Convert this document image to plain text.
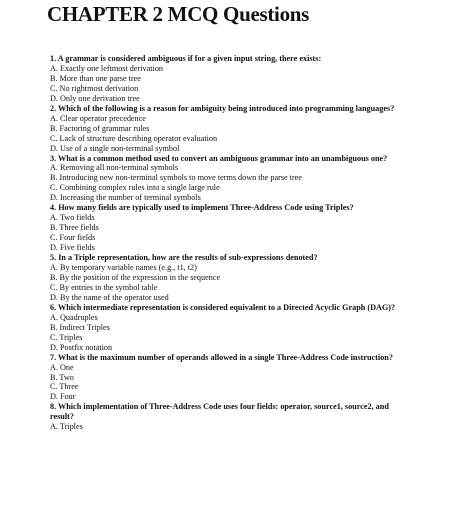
CHAPTER 2 MCQ Questions
1. A grammar is considered ambiguous if for a given input string, there exists:
A. Exactly one leftmost derivation
B. More than one parse tree
C. No rightmost derivation
D. Only one derivation tree
2. Which of the following is a reason for ambiguity being introduced into programming languages?
A. Clear operator precedence
B. Factoring of grammar rules
C. Lack of structure describing operator evaluation
D. Use of a single non-terminal symbol
3. What is a common method used to convert an ambiguous grammar into an unambiguous one?
A. Removing all non-terminal symbols
B. Introducing new non-terminal symbols to move terms down the parse tree
C. Combining complex rules into a single large rule
D. Increasing the number of terminal symbols
4. How many fields are typically used to implement Three-Address Code using Triples?
A. Two fields
B. Three fields
C. Four fields
D. Five fields
5. In a Triple representation, how are the results of sub-expressions denoted?
A. By temporary variable names (e.g., t1, t2)
B. By the position of the expression in the sequence
C. By entries in the symbol table
D. By the name of the operator used
6. Which intermediate representation is considered equivalent to a Directed Acyclic Graph (DAG)?
A. Quadruples
B. Indirect Triples
C. Triples
D. Postfix notation
7. What is the maximum number of operands allowed in a single Three-Address Code instruction?
A. One
B. Two
C. Three
D. Four
8. Which implementation of Three-Address Code uses four fields: operator, source1, source2, and result?
A. Triples
